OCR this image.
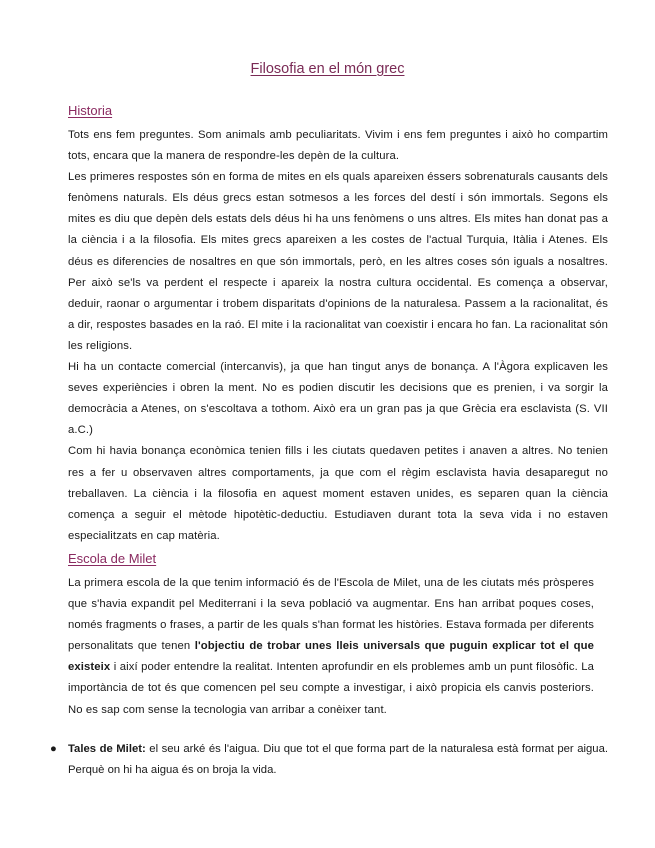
Filosofia en el món grec
Historia

Tots ens fem preguntes. Som animals amb peculiaritats. Vivim i ens fem preguntes i això ho compartim tots, encara que la manera de respondre-les depèn de la cultura.

Les primeres respostes són en forma de mites en els quals apareixen éssers sobrenaturals causants dels fenòmens naturals. Els déus grecs estan sotmesos a les forces del destí i són immortals. Segons els mites es diu que depèn dels estats dels déus hi ha uns fenòmens o uns altres. Els mites han donat pas a la ciència i a la filosofia. Els mites grecs apareixen a les costes de l'actual Turquia, Itàlia i Atenes. Els déus es diferencies de nosaltres en que són immortals, però, en les altres coses són iguals a nosaltres. Per això se'ls va perdent el respecte i apareix la nostra cultura occidental. Es comença a observar, deduir, raonar o argumentar i trobem disparitats d'opinions de la naturalesa. Passem a la racionalitat, és a dir, respostes basades en la raó. El mite i la racionalitat van coexistir i encara ho fan. La racionalitat són les religions.

Hi ha un contacte comercial (intercanvis), ja que han tingut anys de bonança. A l'Àgora explicaven les seves experiències i obren la ment. No es podien discutir les decisions que es prenien, i va sorgir la democràcia a Atenes, on s'escoltava a tothom. Això era un gran pas ja que Grècia era esclavista (S. VII a.C.)

Com hi havia bonança econòmica tenien fills i les ciutats quedaven petites i anaven a altres. No tenien res a fer u observaven altres comportaments, ja que com el règim esclavista havia desaparegut no treballaven. La ciència i la filosofia en aquest moment estaven unides, es separen quan la ciència comença a seguir el mètode hipotètic-deductiu. Estudiaven durant tota la seva vida i no estaven especialitzats en cap matèria.

Escola de Milet

La primera escola de la que tenim informació és de l'Escola de Milet, una de les ciutats més pròsperes que s'havia expandit pel Mediterrani i la seva població va augmentar. Ens han arribat poques coses, només fragments o frases, a partir de les quals s'han format les històries. Estava formada per diferents personalitats que tenen l'objectiu de trobar unes lleis universals que puguin explicar tot el que existeix i així poder entendre la realitat. Intenten aprofundir en els problemes amb un punt filosòfic. La importància de tot és que comencen pel seu compte a investigar, i això propicia els canvis posteriors. No es sap com sense la tecnologia van arribar a conèixer tant.

● Tales de Milet: el seu arké és l'aigua. Diu que tot el que forma part de la naturalesa està format per aigua. Perquè on hi ha aigua és on broja la vida.
